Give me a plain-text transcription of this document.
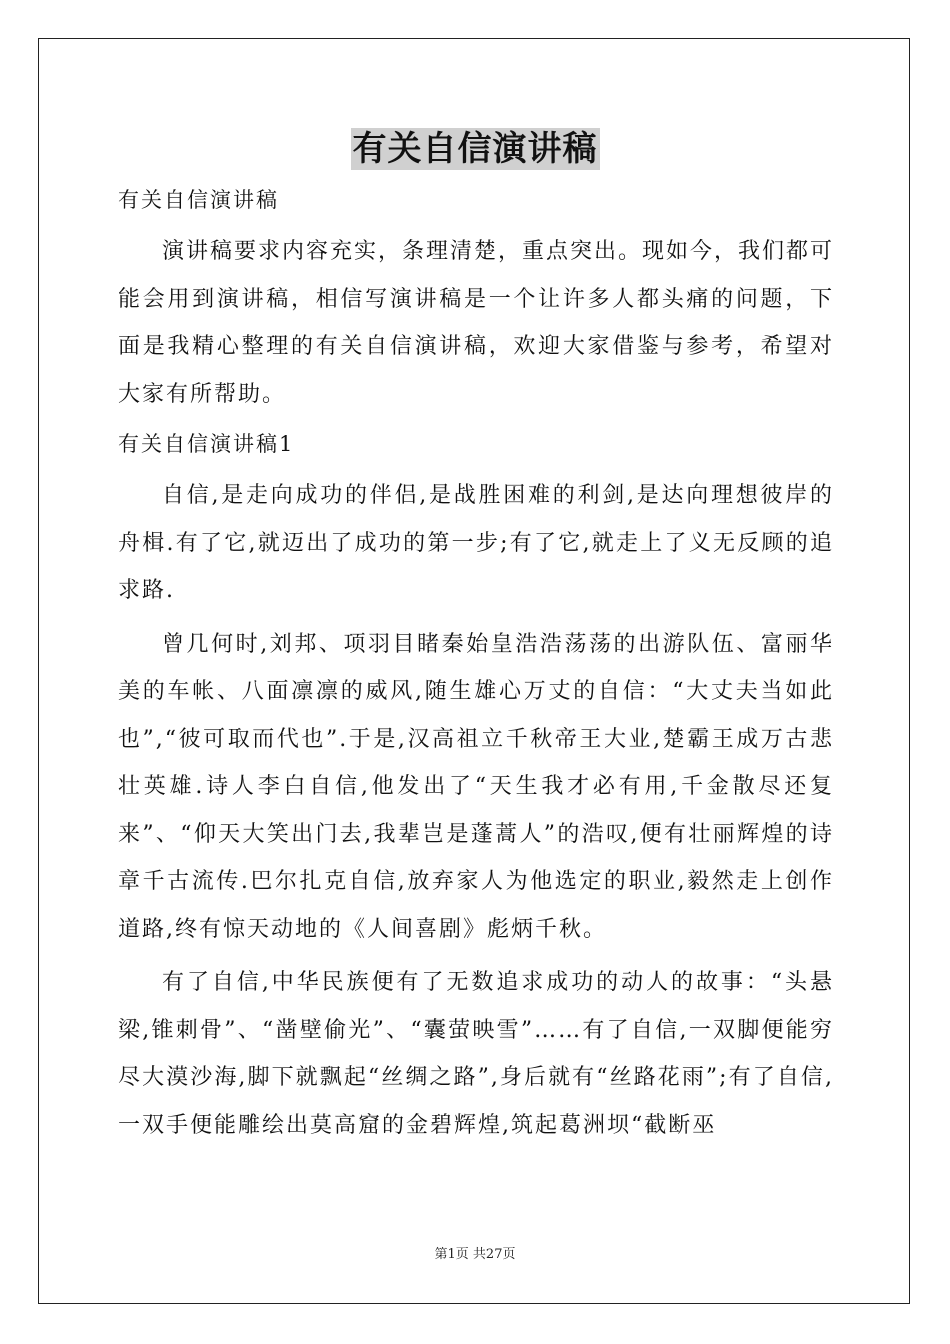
有关自信演讲稿

有关自信演讲稿

演讲稿要求内容充实，条理清楚，重点突出。现如今，我们都可能会用到演讲稿，相信写演讲稿是一个让许多人都头痛的问题，下面是我精心整理的有关自信演讲稿，欢迎大家借鉴与参考，希望对大家有所帮助。

有关自信演讲稿1

自信,是走向成功的伴侣,是战胜困难的利剑,是达向理想彼岸的舟楫.有了它,就迈出了成功的第一步;有了它,就走上了义无反顾的追求路.

曾几何时,刘邦、项羽目睹秦始皇浩浩荡荡的出游队伍、富丽华美的车帐、八面凛凛的威风,随生雄心万丈的自信：“大丈夫当如此也”,“彼可取而代也”.于是,汉高祖立千秋帝王大业,楚霸王成万古悲壮英雄.诗人李白自信,他发出了“天生我才必有用,千金散尽还复来”、“仰天大笑出门去,我辈岂是蓬蒿人”的浩叹,便有壮丽辉煌的诗章千古流传.巴尔扎克自信,放弃家人为他选定的职业,毅然走上创作道路,终有惊天动地的《人间喜剧》彪炳千秋。

有了自信,中华民族便有了无数追求成功的动人的故事：“头悬梁,锥刺骨”、“凿壁偷光”、“囊萤映雪”……有了自信,一双脚便能穷尽大漠沙海,脚下就飘起“丝绸之路”,身后就有“丝路花雨”;有了自信,一双手便能雕绘出莫高窟的金碧辉煌,筑起葛洲坝“截断巫

第1页 共27页
